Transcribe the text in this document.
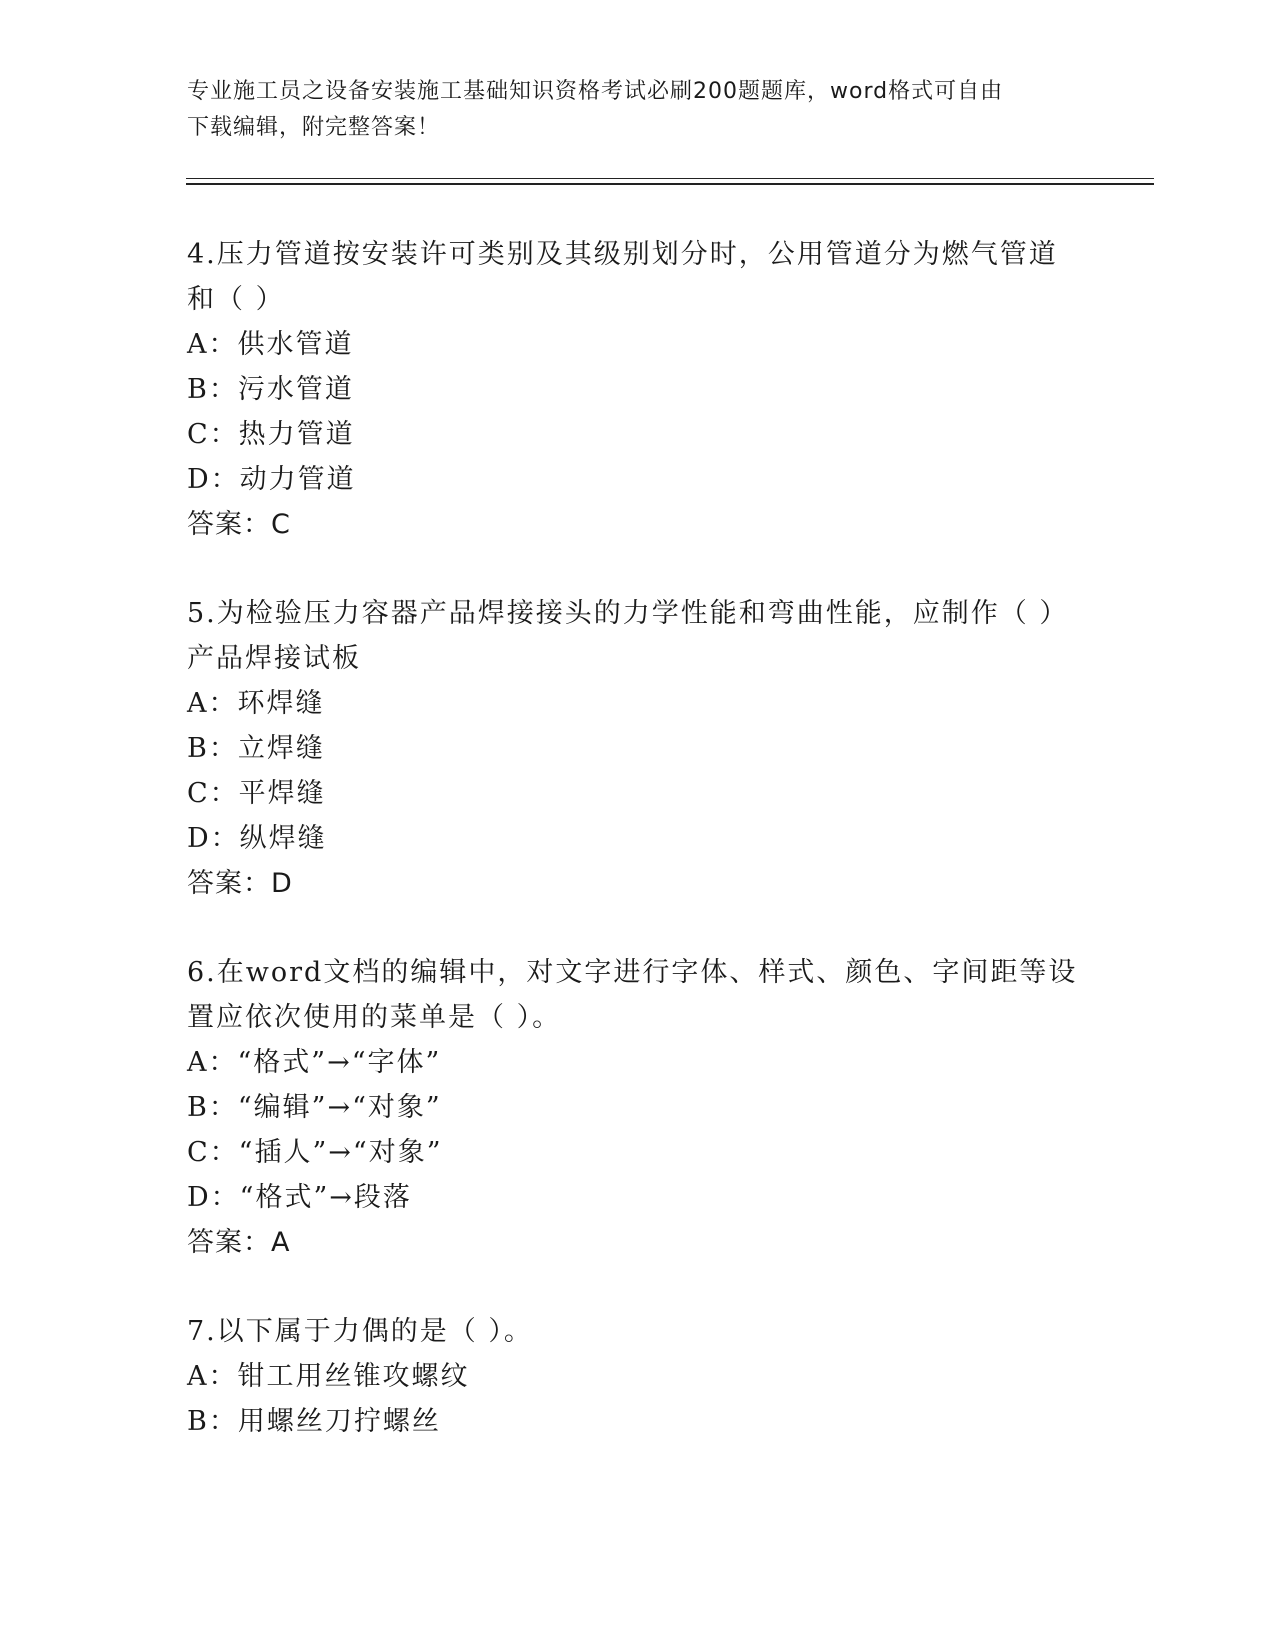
专业施工员之设备安装施工基础知识资格考试必刷200题题库，word格式可自由
下载编辑，附完整答案！
4.压力管道按安装许可类别及其级别划分时，公用管道分为燃气管道
和（ ）
A：供水管道
B：污水管道
C：热力管道
D：动力管道
答案：C
5.为检验压力容器产品焊接接头的力学性能和弯曲性能，应制作（ ）
产品焊接试板
A：环焊缝
B：立焊缝
C：平焊缝
D：纵焊缝
答案：D
6.在word文档的编辑中，对文字进行字体、样式、颜色、字间距等设
置应依次使用的菜单是（ ）。
A：“格式”→“字体”
B：“编辑”→“对象”
C：“插人”→“对象”
D：“格式”→段落
答案：A
7.以下属于力偶的是（ ）。
A：钳工用丝锥攻螺纹
B：用螺丝刀拧螺丝
